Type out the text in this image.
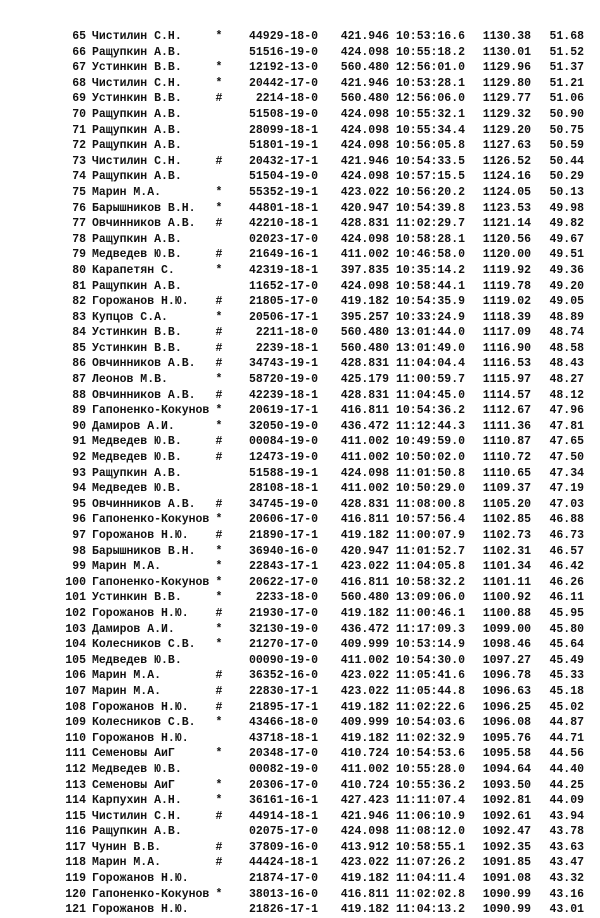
65 Чистилин С.Н.	*	44929-18-0	421.946 10:53:16.6	1130.38	51.68
66 Ращупкин А.В.	51516-19-0	424.098 10:55:18.2	1130.01	51.52
67 Устинкин В.В.	*	12192-13-0	560.480 12:56:01.0	1129.96	51.37
68 Чистилин С.Н.	*	20442-17-0	421.946 10:53:28.1	1129.80	51.21
69 Устинкин В.В.	#	2214-18-0	560.480 12:56:06.0	1129.77	51.06
70 Ращупкин А.В.	51508-19-0	424.098 10:55:32.1	1129.32	50.90
71 Ращупкин А.В.	28099-18-1	424.098 10:55:34.4	1129.20	50.75
72 Ращупкин А.В.	51801-19-1	424.098 10:56:05.8	1127.63	50.59
73 Чистилин С.Н.	#	20432-17-1	421.946 10:54:33.5	1126.52	50.44
74 Ращупкин А.В.	51504-19-0	424.098 10:57:15.5	1124.16	50.29
75 Марин М.А.	*	55352-19-1	423.022 10:56:20.2	1124.05	50.13
76 Барышников В.Н. *	44801-18-1	420.947 10:54:39.8	1123.53	49.98
77 Овчинников А.В. #	42210-18-1	428.831 11:02:29.7	1121.14	49.82
78 Ращупкин А.В.	02023-17-0	424.098 10:58:28.1	1120.56	49.67
79 Медведев Ю.В.	#	21649-16-1	411.002 10:46:58.0	1120.00	49.51
80 Карапетян С.	*	42319-18-1	397.835 10:35:14.2	1119.92	49.36
81 Ращупкин А.В.	11652-17-0	424.098 10:58:44.1	1119.78	49.20
82 Горожанов Н.Ю. #	21805-17-0	419.182 10:54:35.9	1119.02	49.05
83 Купцов С.А.	*	20506-17-1	395.257 10:33:24.9	1118.39	48.89
84 Устинкин В.В.	#	2211-18-0	560.480 13:01:44.0	1117.09	48.74
85 Устинкин В.В.	#	2239-18-1	560.480 13:01:49.0	1116.90	48.58
86 Овчинников А.В. #	34743-19-1	428.831 11:04:04.4	1116.53	48.43
87 Леонов М.В.	*	58720-19-0	425.179 11:00:59.7	1115.97	48.27
88 Овчинников А.В. #	42239-18-1	428.831 11:04:45.0	1114.57	48.12
89 Гапоненко-Кокунов *	20619-17-1	416.811 10:54:36.2	1112.67	47.96
90 Дамиров А.И.	*	32050-19-0	436.472 11:12:44.3	1111.36	47.81
91 Медведев Ю.В.	#	00084-19-0	411.002 10:49:59.0	1110.87	47.65
92 Медведев Ю.В.	#	12473-19-0	411.002 10:50:02.0	1110.72	47.50
93 Ращупкин А.В.	51588-19-1	424.098 11:01:50.8	1110.65	47.34
94 Медведев Ю.В.	28108-18-1	411.002 10:50:29.0	1109.37	47.19
95 Овчинников А.В. #	34745-19-0	428.831 11:08:00.8	1105.20	47.03
96 Гапоненко-Кокунов *	20606-17-0	416.811 10:57:56.4	1102.85	46.88
97 Горожанов Н.Ю. #	21890-17-1	419.182 11:00:07.9	1102.73	46.73
98 Барышников В.Н. *	36940-16-0	420.947 11:01:52.7	1102.31	46.57
99 Марин М.А.	*	22843-17-1	423.022 11:04:05.8	1101.34	46.42
100 Гапоненко-Кокунов *	20622-17-0	416.811 10:58:32.2	1101.11	46.26
101 Устинкин В.В.	*	2233-18-0	560.480 13:09:06.0	1100.92	46.11
102 Горожанов Н.Ю. #	21930-17-0	419.182 11:00:46.1	1100.88	45.95
103 Дамиров А.И.	*	32130-19-0	436.472 11:17:09.3	1099.00	45.80
104 Колесников С.В. *	21270-17-0	409.999 10:53:14.9	1098.46	45.64
105 Медведев Ю.В.	00090-19-0	411.002 10:54:30.0	1097.27	45.49
106 Марин М.А.	#	36352-16-0	423.022 11:05:41.6	1096.78	45.33
107 Марин М.А.	#	22830-17-1	423.022 11:05:44.8	1096.63	45.18
108 Горожанов Н.Ю. #	21895-17-1	419.182 11:02:22.6	1096.25	45.02
109 Колесников С.В. *	43466-18-0	409.999 10:54:03.6	1096.08	44.87
110 Горожанов Н.Ю.	43718-18-1	419.182 11:02:32.9	1095.76	44.71
111 Семеновы АиГ	*	20348-17-0	410.724 10:54:53.6	1095.58	44.56
112 Медведев Ю.В.	00082-19-0	411.002 10:55:28.0	1094.64	44.40
113 Семеновы АиГ	*	20306-17-0	410.724 10:55:36.2	1093.50	44.25
114 Карпухин А.Н.	*	36161-16-1	427.423 11:11:07.4	1092.81	44.09
115 Чистилин С.Н.	#	44914-18-1	421.946 11:06:10.9	1092.61	43.94
116 Ращупкин А.В.	02075-17-0	424.098 11:08:12.0	1092.47	43.78
117 Чунин В.В.	#	37809-16-0	413.912 10:58:55.1	1092.35	43.63
118 Марин М.А.	#	44424-18-1	423.022 11:07:26.2	1091.85	43.47
119 Горожанов Н.Ю.	21874-17-0	419.182 11:04:11.4	1091.08	43.32
120 Гапоненко-Кокунов *	38013-16-0	416.811 11:02:02.8	1090.99	43.16
121 Горожанов Н.Ю.	21826-17-1	419.182 11:04:13.2	1090.99	43.01
